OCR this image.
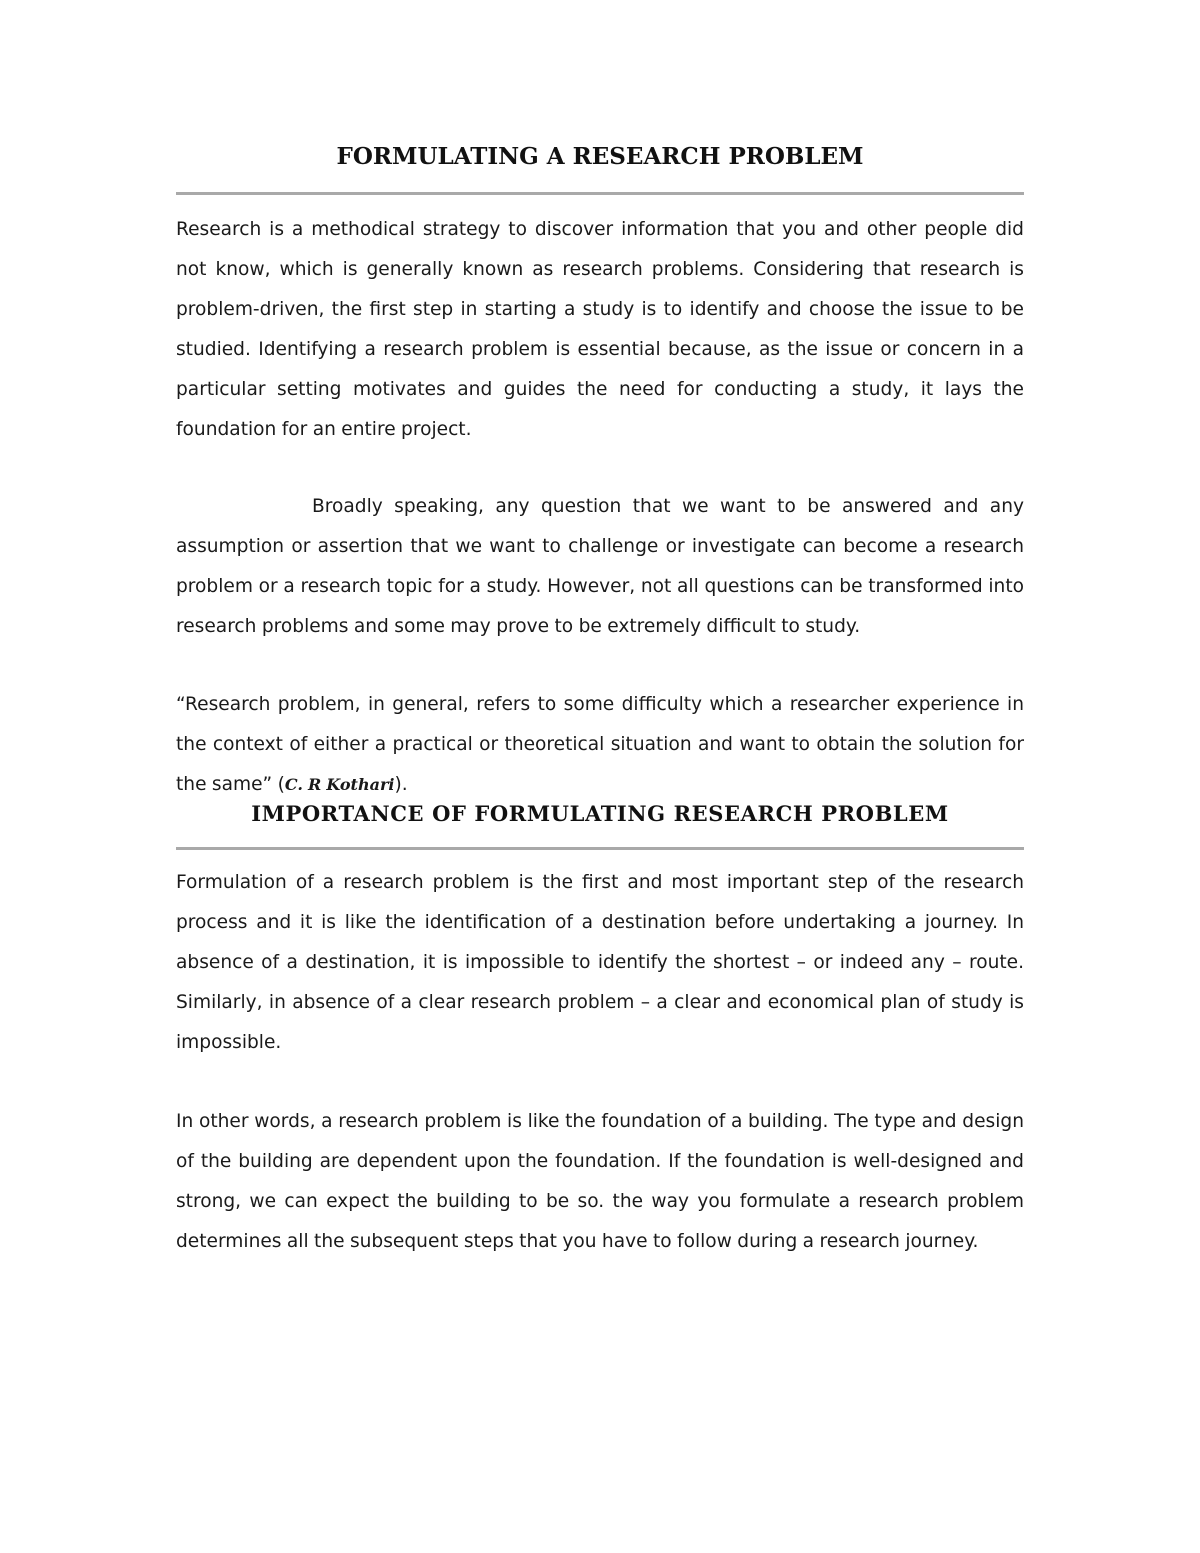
FORMULATING A RESEARCH PROBLEM

Research is a methodical strategy to discover information that you and other people did not know, which is generally known as research problems. Considering that research is problem-driven, the first step in starting a study is to identify and choose the issue to be studied. Identifying a research problem is essential because, as the issue or concern in a particular setting motivates and guides the need for conducting a study, it lays the foundation for an entire project.

Broadly speaking, any question that we want to be answered and any assumption or assertion that we want to challenge or investigate can become a research problem or a research topic for a study. However, not all questions can be transformed into research problems and some may prove to be extremely difficult to study.

“Research problem, in general, refers to some difficulty which a researcher experience in the context of either a practical or theoretical situation and want to obtain the solution for the same” (C. R Kothari).

IMPORTANCE OF FORMULATING RESEARCH PROBLEM

Formulation of a research problem is the first and most important step of the research process and it is like the identification of a destination before undertaking a journey. In absence of a destination, it is impossible to identify the shortest – or indeed any – route. Similarly, in absence of a clear research problem – a clear and economical plan of study is impossible.

In other words, a research problem is like the foundation of a building. The type and design of the building are dependent upon the foundation. If the foundation is well-designed and strong, we can expect the building to be so. the way you formulate a research problem determines all the subsequent steps that you have to follow during a research journey.
